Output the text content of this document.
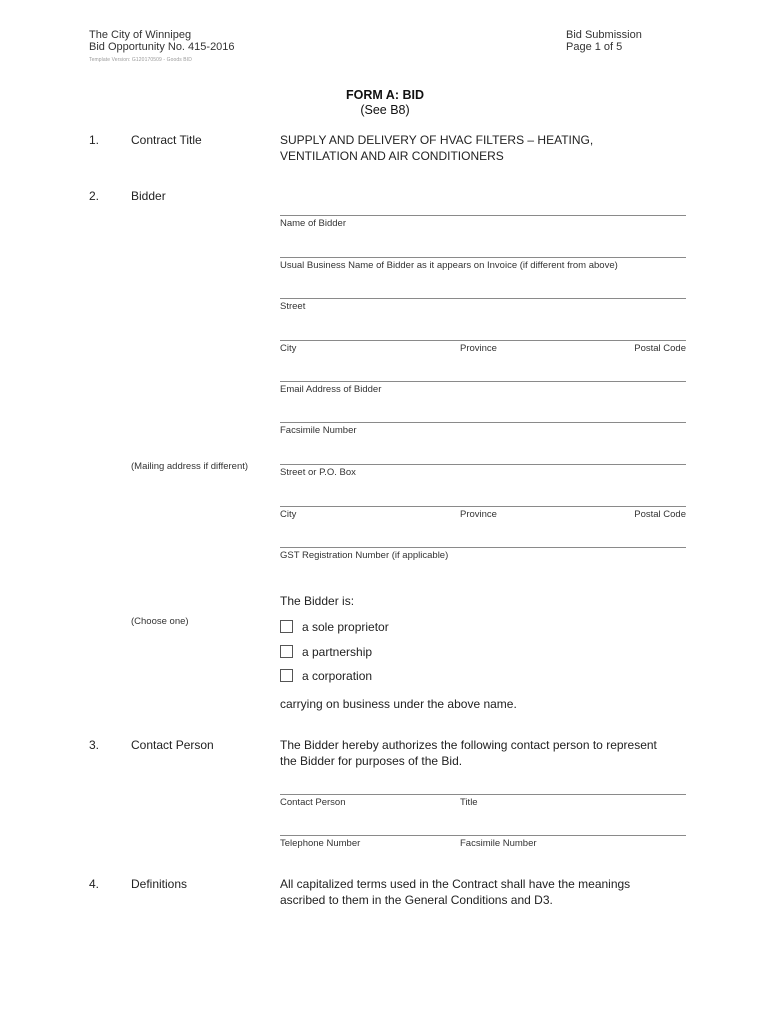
The City of Winnipeg
Bid Opportunity No. 415-2016
Template Version: G120170509 - Goods BID
Bid Submission
Page 1 of 5
FORM A: BID
(See B8)
1.	Contract Title	SUPPLY AND DELIVERY OF HVAC FILTERS – HEATING,
VENTILATION AND AIR CONDITIONERS
2.	Bidder
Name of Bidder
Usual Business Name of Bidder as it appears on Invoice (if different from above)
Street
City	Province	Postal Code
Email Address of Bidder
Facsimile Number
(Mailing address if different)
Street or P.O. Box
City	Province	Postal Code
GST Registration Number (if applicable)
The Bidder is:
(Choose one)	a sole proprietor
a partnership
a corporation
carrying on business under the above name.
3.	Contact Person	The Bidder hereby authorizes the following contact person to represent
the Bidder for purposes of the Bid.
Contact Person	Title
Telephone Number	Facsimile Number
4.	Definitions	All capitalized terms used in the Contract shall have the meanings
ascribed to them in the General Conditions and D3.
